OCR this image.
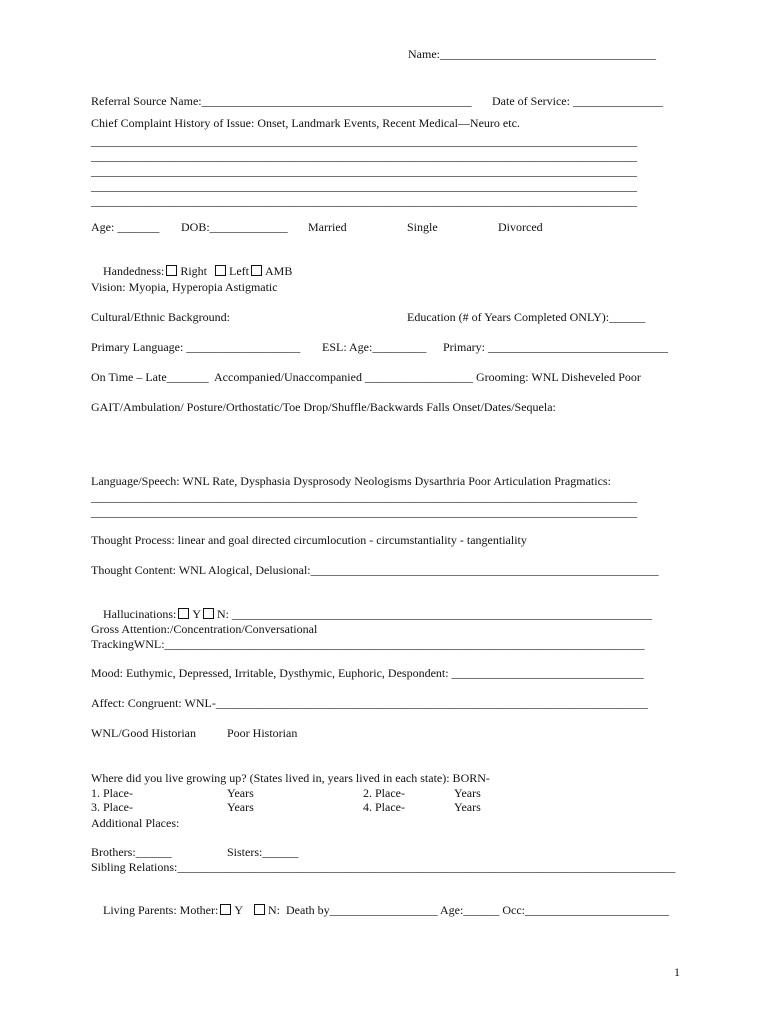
Name:____________________________________
Referral Source Name:_____________________________________________ Date of Service: _______________
Chief Complaint History of Issue: Onset, Landmark Events, Recent Medical—Neuro etc.
___________________________________________________________________________________________
___________________________________________________________________________________________
___________________________________________________________________________________________
___________________________________________________________________________________________
___________________________________________________________________________________________
Age: _______ DOB:_____________ Married	Single	Divorced

Handedness: Right Left AMB

Vision: Myopia, Hyperopia Astigmatic
Cultural/Ethnic Background:	Education (# of Years Completed ONLY):______
Primary Language: ___________________ ESL: Age:_________ Primary: ______________________________
On Time – Late_______  Accompanied/Unaccompanied __________________ Grooming: WNL Disheveled Poor
GAIT/Ambulation/ Posture/Orthostatic/Toe Drop/Shuffle/Backwards Falls Onset/Dates/Sequela:
Language/Speech: WNL Rate, Dysphasia Dysprosody Neologisms Dysarthria Poor Articulation Pragmatics:
___________________________________________________________________________________________
___________________________________________________________________________________________
Thought Process: linear and goal directed circumlocution - circumstantiality - tangentiality
Thought Content: WNL Alogical, Delusional:__________________________________________________________

Hallucinations: Y N: ______________________________________________________________________

Gross Attention:/Concentration/Conversational
TrackingWNL:________________________________________________________________________________
Mood: Euthymic, Depressed, Irritable, Dysthymic, Euphoric, Despondent: ________________________________
Affect: Congruent: WNL-________________________________________________________________________
WNL/Good Historian	Poor Historian
Where did you live growing up? (States lived in, years lived in each state): BORN-
1. Place-	Years	2. Place-	Years
3. Place-	Years	4. Place-	Years
Additional Places:
Brothers:______	Sisters:______
Sibling Relations:___________________________________________________________________________________

Living Parents: Mother: Y N:  Death by__________________ Age:______ Occ:________________________

1
